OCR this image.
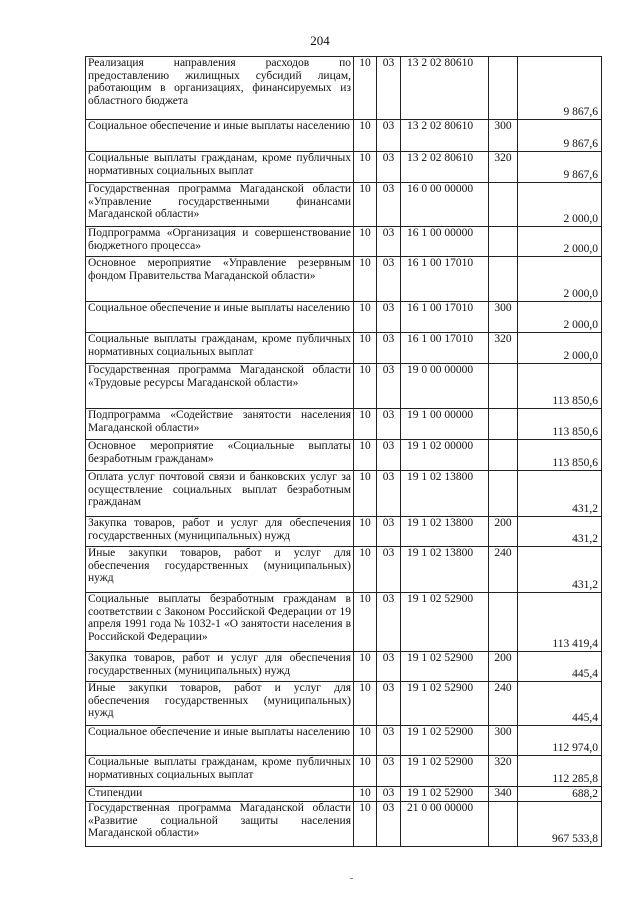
204
Реализация направления расходов по предоставлению жилищных субсидий лицам, работающим в организациях, финансируемых из областного бюджета	10	03	13 2 02 80610		9 867,6
Социальное обеспечение и иные выплаты населению	10	03	13 2 02 80610	300	9 867,6
Социальные выплаты гражданам, кроме публичных нормативных социальных выплат	10	03	13 2 02 80610	320	9 867,6
Государственная программа Магаданской области «Управление государственными финансами Магаданской области»	10	03	16 0 00 00000		2 000,0
Подпрограмма «Организация и совершенствование бюджетного процесса»	10	03	16 1 00 00000		2 000,0
Основное мероприятие «Управление резервным фондом Правительства Магаданской области»	10	03	16 1 00 17010		2 000,0
Социальное обеспечение и иные выплаты населению	10	03	16 1 00 17010	300	2 000,0
Социальные выплаты гражданам, кроме публичных нормативных социальных выплат	10	03	16 1 00 17010	320	2 000,0
Государственная программа Магаданской области «Трудовые ресурсы Магаданской области»	10	03	19 0 00 00000		113 850,6
Подпрограмма «Содействие занятости населения Магаданской области»	10	03	19 1 00 00000		113 850,6
Основное мероприятие «Социальные выплаты безработным гражданам»	10	03	19 1 02 00000		113 850,6
Оплата услуг почтовой связи и банковских услуг за осуществление социальных выплат безработным гражданам	10	03	19 1 02 13800		431,2
Закупка товаров, работ и услуг для обеспечения государственных (муниципальных) нужд	10	03	19 1 02 13800	200	431,2
Иные закупки товаров, работ и услуг для обеспечения государственных (муниципальных) нужд	10	03	19 1 02 13800	240	431,2
Социальные выплаты безработным гражданам в соответствии с Законом Российской Федерации от 19 апреля 1991 года № 1032-1 «О занятости населения в Российской Федерации»	10	03	19 1 02 52900		113 419,4
Закупка товаров, работ и услуг для обеспечения государственных (муниципальных) нужд	10	03	19 1 02 52900	200	445,4
Иные закупки товаров, работ и услуг для обеспечения государственных (муниципальных) нужд	10	03	19 1 02 52900	240	445,4
Социальное обеспечение и иные выплаты населению	10	03	19 1 02 52900	300	112 974,0
Социальные выплаты гражданам, кроме публичных нормативных социальных выплат	10	03	19 1 02 52900	320	112 285,8
Стипендии	10	03	19 1 02 52900	340	688,2
Государственная программа Магаданской области «Развитие социальной защиты населения Магаданской области»	10	03	21 0 00 00000		967 533,8
